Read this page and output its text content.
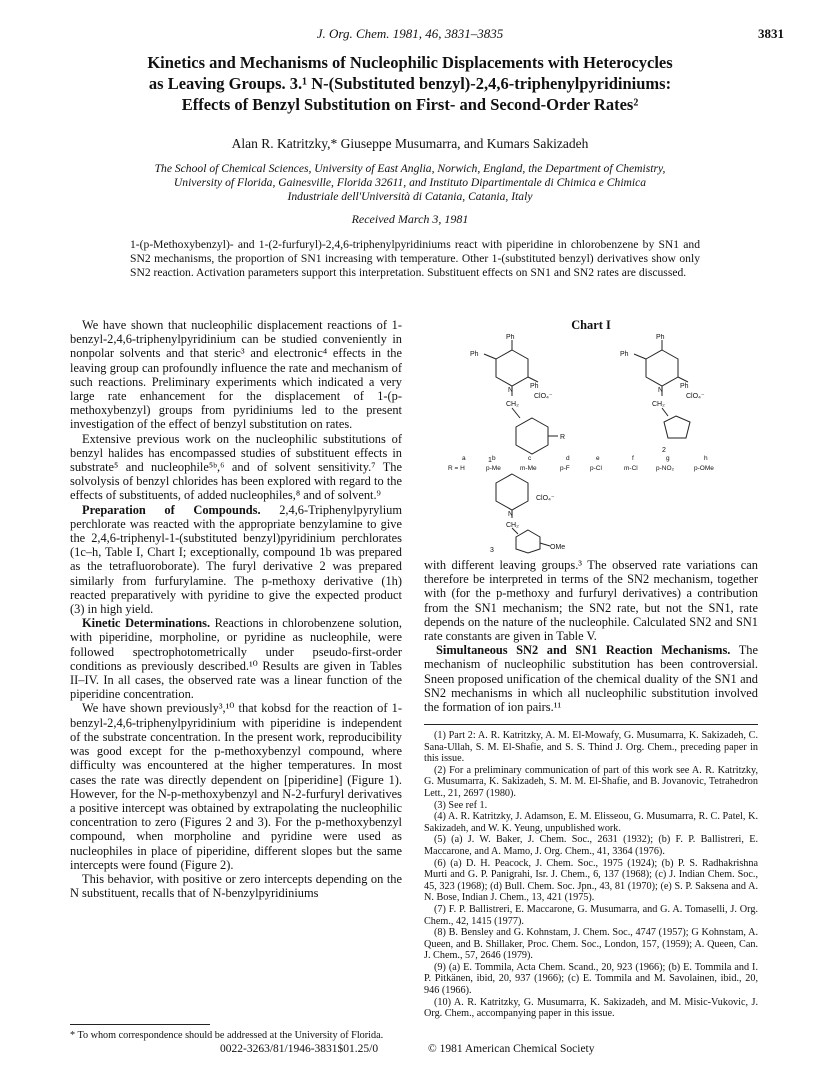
J. Org. Chem. 1981, 46, 3831–3835	3831
Kinetics and Mechanisms of Nucleophilic Displacements with Heterocycles
as Leaving Groups. 3.¹ N-(Substituted benzyl)-2,4,6-triphenylpyridiniums:
Effects of Benzyl Substitution on First- and Second-Order Rates²
Alan R. Katritzky,* Giuseppe Musumarra, and Kumars Sakizadeh
The School of Chemical Sciences, University of East Anglia, Norwich, England, the Department of Chemistry,
University of Florida, Gainesville, Florida 32611, and Instituto Dipartimentale di Chimica e Chimica
Industriale dell'Università di Catania, Catania, Italy
Received March 3, 1981
1-(p-Methoxybenzyl)- and 1-(2-furfuryl)-2,4,6-triphenylpyridiniums react with piperidine in chlorobenzene by SN1 and SN2 mechanisms, the proportion of SN1 increasing with temperature. Other 1-(substituted benzyl) derivatives show only SN2 reaction. Activation parameters support this interpretation. Substituent effects on SN1 and SN2 rates are discussed.

We have shown that nucleophilic displacement reactions of 1-benzyl-2,4,6-triphenylpyridinium can be studied conveniently in nonpolar solvents and that steric³ and electronic⁴ effects in the leaving group can profoundly influence the rate and mechanism of such reactions. Preliminary experiments which indicated a very large rate enhancement for the displacement of 1-(p-methoxybenzyl) groups from pyridiniums led to the present investigation of the effect of benzyl substitution on rates.

Extensive previous work on the nucleophilic substitutions of benzyl halides has encompassed studies of substituent effects in substrate⁵ and nucleophile⁵ᵇ,⁶ and of solvent sensitivity.⁷ The solvolysis of benzyl chlorides has been explored with regard to the effects of substituents, of added nucleophiles,⁸ and of solvent.⁹

Preparation of Compounds. 2,4,6-Triphenylpyrylium perchlorate was reacted with the appropriate benzylamine to give the 2,4,6-triphenyl-1-(substituted benzyl)pyridinium perchlorates (1c–h, Table I, Chart I; exceptionally, compound 1b was prepared as the tetrafluoroborate). The furyl derivative 2 was prepared similarly from furfurylamine. The p-methoxy derivative (1h) reacted preparatively with pyridine to give the expected product (3) in high yield.

Kinetic Determinations. Reactions in chlorobenzene solution, with piperidine, morpholine, or pyridine as nucleophile, were followed spectrophotometrically under pseudo-first-order conditions as previously described.¹⁰ Results are given in Tables II–IV. In all cases, the observed rate was a linear function of the piperidine concentration.

We have shown previously³,¹⁰ that kobsd for the reaction of 1-benzyl-2,4,6-triphenylpyridinium with piperidine is independent of the substrate concentration. In the present work, reproducibility was good except for the p-methoxybenzyl compound, where difficulty was encountered at the higher temperatures. In most cases the rate was directly dependent on [piperidine] (Figure 1). However, for the N-p-methoxybenzyl and N-2-furfuryl derivatives a positive intercept was obtained by extrapolating the nucleophilic concentration to zero (Figures 2 and 3). For the p-methoxybenzyl compound, when morpholine and pyridine were used as nucleophiles in place of piperidine, different slopes but the same intercepts were found (Figure 2).

This behavior, with positive or zero intercepts depending on the N substituent, recalls that of N-benzylpyridiniums

* To whom correspondence should be addressed at the University of Florida.
Chart I
Ph
Ph
Ph
N
ClO₄⁻
CH₂
R
1
Ph
Ph
Ph
N
ClO₄⁻
CH₂
2
N
ClO₄⁻
CH₂
OMe
3
a	b	c	d	e	f	g	h
R = H	p-Me	m-Me	p-F	p-Cl	m-Cl	p-NO₂	p-OMe

with different leaving groups.³ The observed rate variations can therefore be interpreted in terms of the SN2 mechanism, together with (for the p-methoxy and furfuryl derivatives) a contribution from the SN1 mechanism; the SN2 rate, but not the SN1, rate depends on the nature of the nucleophile. Calculated SN2 and SN1 rate constants are given in Table V.

Simultaneous SN2 and SN1 Reaction Mechanisms. The mechanism of nucleophilic substitution has been controversial. Sneen proposed unification of the chemical duality of the SN1 and SN2 mechanisms in which all nucleophilic substitution involved the formation of ion pairs.¹¹

(1) Part 2: A. R. Katritzky, A. M. El-Mowafy, G. Musumarra, K. Sakizadeh, C. Sana-Ullah, S. M. El-Shafie, and S. S. Thind J. Org. Chem., preceding paper in this issue.

(2) For a preliminary communication of part of this work see A. R. Katritzky, G. Musumarra, K. Sakizadeh, S. M. M. El-Shafie, and B. Jovanovic, Tetrahedron Lett., 21, 2697 (1980).

(3) See ref 1.

(4) A. R. Katritzky, J. Adamson, E. M. Elisseou, G. Musumarra, R. C. Patel, K. Sakizadeh, and W. K. Yeung, unpublished work.

(5) (a) J. W. Baker, J. Chem. Soc., 2631 (1932); (b) F. P. Ballistreri, E. Maccarone, and A. Mamo, J. Org. Chem., 41, 3364 (1976).

(6) (a) D. H. Peacock, J. Chem. Soc., 1975 (1924); (b) P. S. Radhakrishna Murti and G. P. Panigrahi, Isr. J. Chem., 6, 137 (1968); (c) J. Indian Chem. Soc., 45, 323 (1968); (d) Bull. Chem. Soc. Jpn., 43, 81 (1970); (e) S. P. Saksena and A. N. Bose, Indian J. Chem., 13, 421 (1975).

(7) F. P. Ballistreri, E. Maccarone, G. Musumarra, and G. A. Tomaselli, J. Org. Chem., 42, 1415 (1977).

(8) B. Bensley and G. Kohnstam, J. Chem. Soc., 4747 (1957); G Kohnstam, A. Queen, and B. Shillaker, Proc. Chem. Soc., London, 157, (1959); A. Queen, Can. J. Chem., 57, 2646 (1979).

(9) (a) E. Tommila, Acta Chem. Scand., 20, 923 (1966); (b) E. Tommila and I. P. Pitkänen, ibid, 20, 937 (1966); (c) E. Tommila and M. Savolainen, ibid., 20, 946 (1966).

(10) A. R. Katritzky, G. Musumarra, K. Sakizadeh, and M. Misic-Vukovic, J. Org. Chem., accompanying paper in this issue.

0022-3263/81/1946-3831$01.25/0	© 1981 American Chemical Society
